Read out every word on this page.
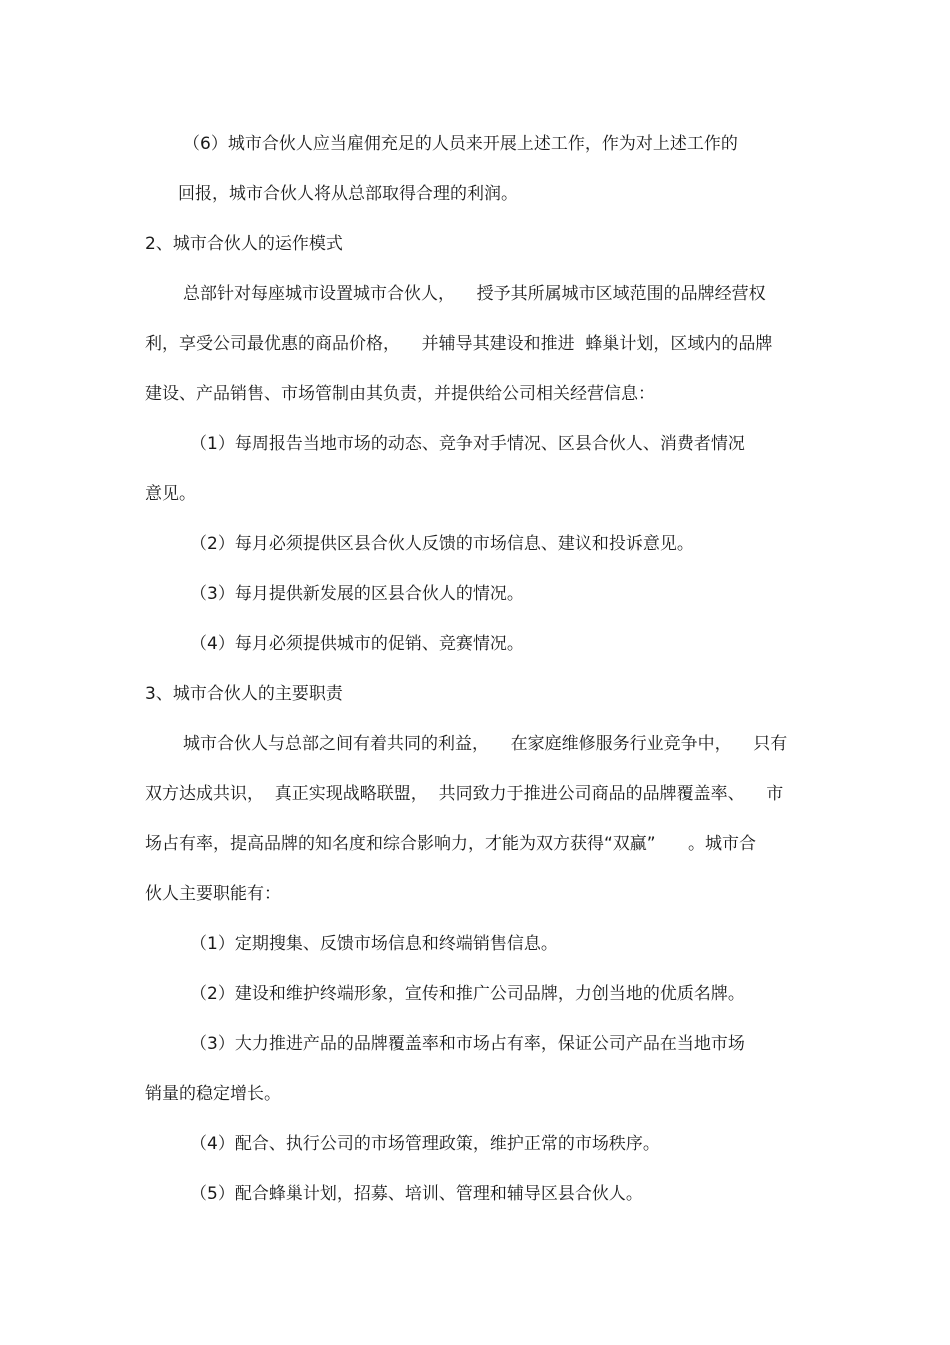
（6）城市合伙人应当雇佣充足的人员来开展上述工作，作为对上述工作的

回报，城市合伙人将从总部取得合理的利润。

2、城市合伙人的运作模式

总部针对每座城市设置城市合伙人，    授予其所属城市区域范围的品牌经营权

利，享受公司最优惠的商品价格，    并辅导其建设和推进  蜂巢计划，区域内的品牌

建设、产品销售、市场管制由其负责，并提供给公司相关经营信息：

（1）每周报告当地市场的动态、竞争对手情况、区县合伙人、消费者情况

意见。

（2）每月必须提供区县合伙人反馈的市场信息、建议和投诉意见。

（3）每月提供新发展的区县合伙人的情况。

（4）每月必须提供城市的促销、竞赛情况。

3、城市合伙人的主要职责

城市合伙人与总部之间有着共同的利益，    在家庭维修服务行业竞争中，    只有

双方达成共识，  真正实现战略联盟，  共同致力于推进公司商品的品牌覆盖率、    市

场占有率，提高品牌的知名度和综合影响力，才能为双方获得“双赢”      。城市合

伙人主要职能有：

（1）定期搜集、反馈市场信息和终端销售信息。

（2）建设和维护终端形象，宣传和推广公司品牌，力创当地的优质名牌。

（3）大力推进产品的品牌覆盖率和市场占有率，保证公司产品在当地市场

销量的稳定增长。

（4）配合、执行公司的市场管理政策，维护正常的市场秩序。

（5）配合蜂巢计划，招募、培训、管理和辅导区县合伙人。
